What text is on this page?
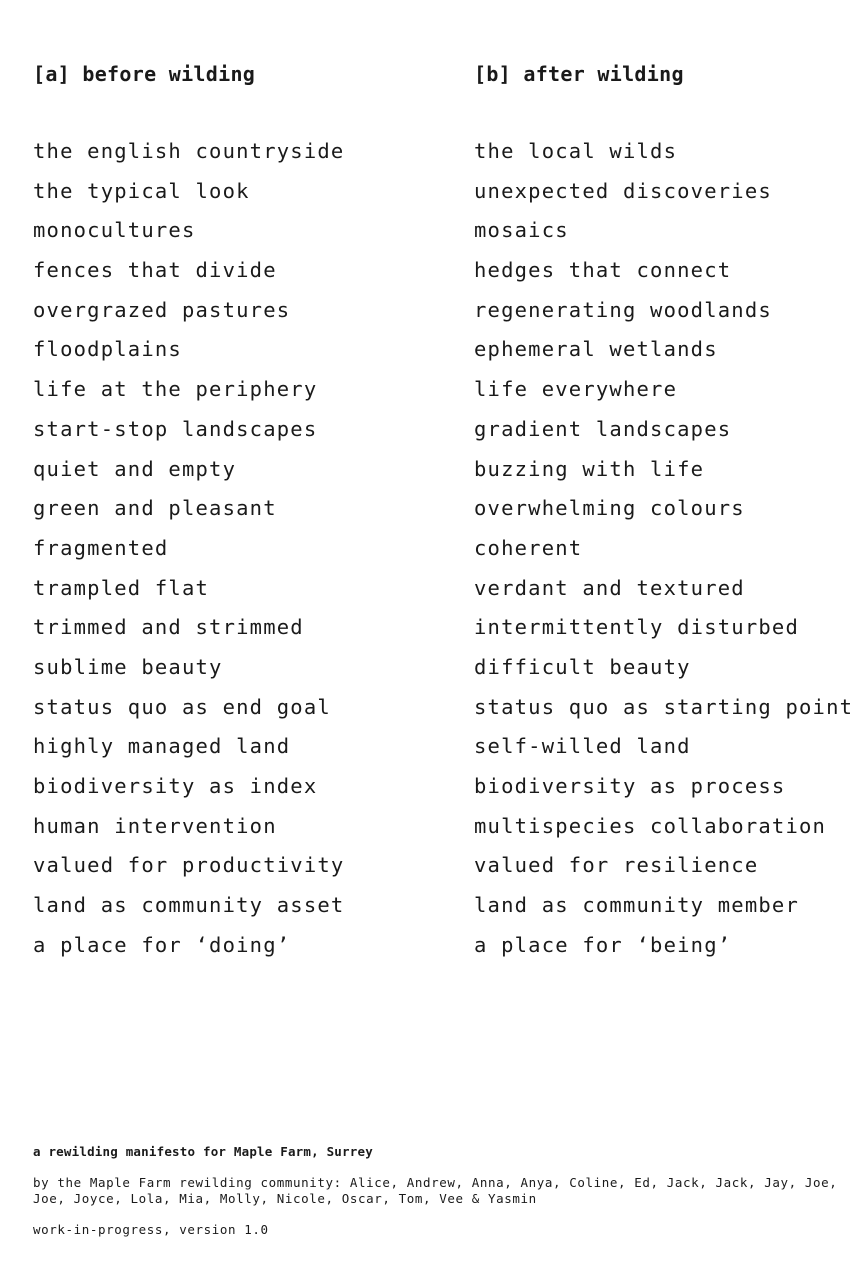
[a] before wilding
the english countryside
the typical look
monocultures
fences that divide
overgrazed pastures
floodplains
life at the periphery
start-stop landscapes
quiet and empty
green and pleasant
fragmented
trampled flat
trimmed and strimmed
sublime beauty
status quo as end goal
highly managed land
biodiversity as index
human intervention
valued for productivity
land as community asset
a place for ‘doing’
[b] after wilding
the local wilds
unexpected discoveries
mosaics
hedges that connect
regenerating woodlands
ephemeral wetlands
life everywhere
gradient landscapes
buzzing with life
overwhelming colours
coherent
verdant and textured
intermittently disturbed
difficult beauty
status quo as starting point
self-willed land
biodiversity as process
multispecies collaboration
valued for resilience
land as community member
a place for ‘being’

a rewilding manifesto for Maple Farm, Surrey

by the Maple Farm rewilding community: Alice, Andrew, Anna, Anya, Coline, Ed, Jack, Jack, Jay, Joe, Joe, Joyce, Lola, Mia, Molly, Nicole, Oscar, Tom, Vee & Yasmin

work-in-progress, version 1.0
